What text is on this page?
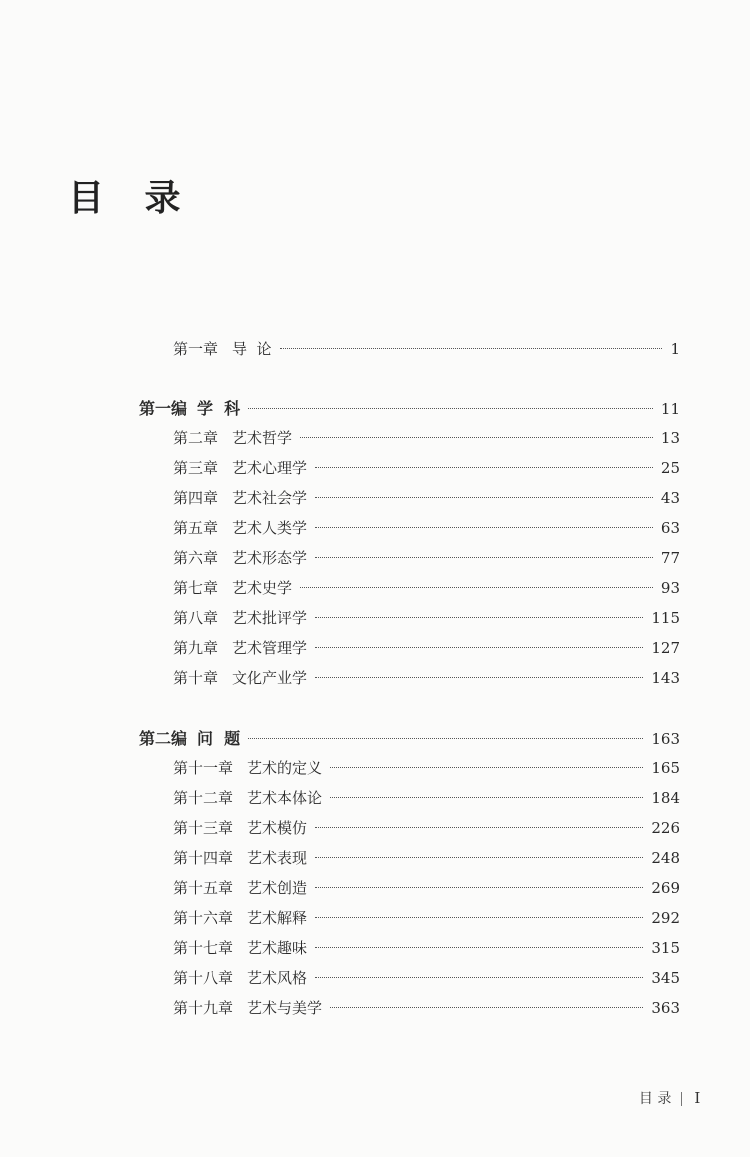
目 录
第一章 导  论	1
第一编 学  科	11
第二章 艺术哲学	13
第三章 艺术心理学	25
第四章 艺术社会学	43
第五章 艺术人类学	63
第六章 艺术形态学	77
第七章 艺术史学	93
第八章 艺术批评学	115
第九章 艺术管理学	127
第十章 文化产业学	143
第二编 问  题	163
第十一章 艺术的定义	165
第十二章 艺术本体论	184
第十三章 艺术模仿	226
第十四章 艺术表现	248
第十五章 艺术创造	269
第十六章 艺术解释	292
第十七章 艺术趣味	315
第十八章 艺术风格	345
第十九章 艺术与美学	363

目 录 I
